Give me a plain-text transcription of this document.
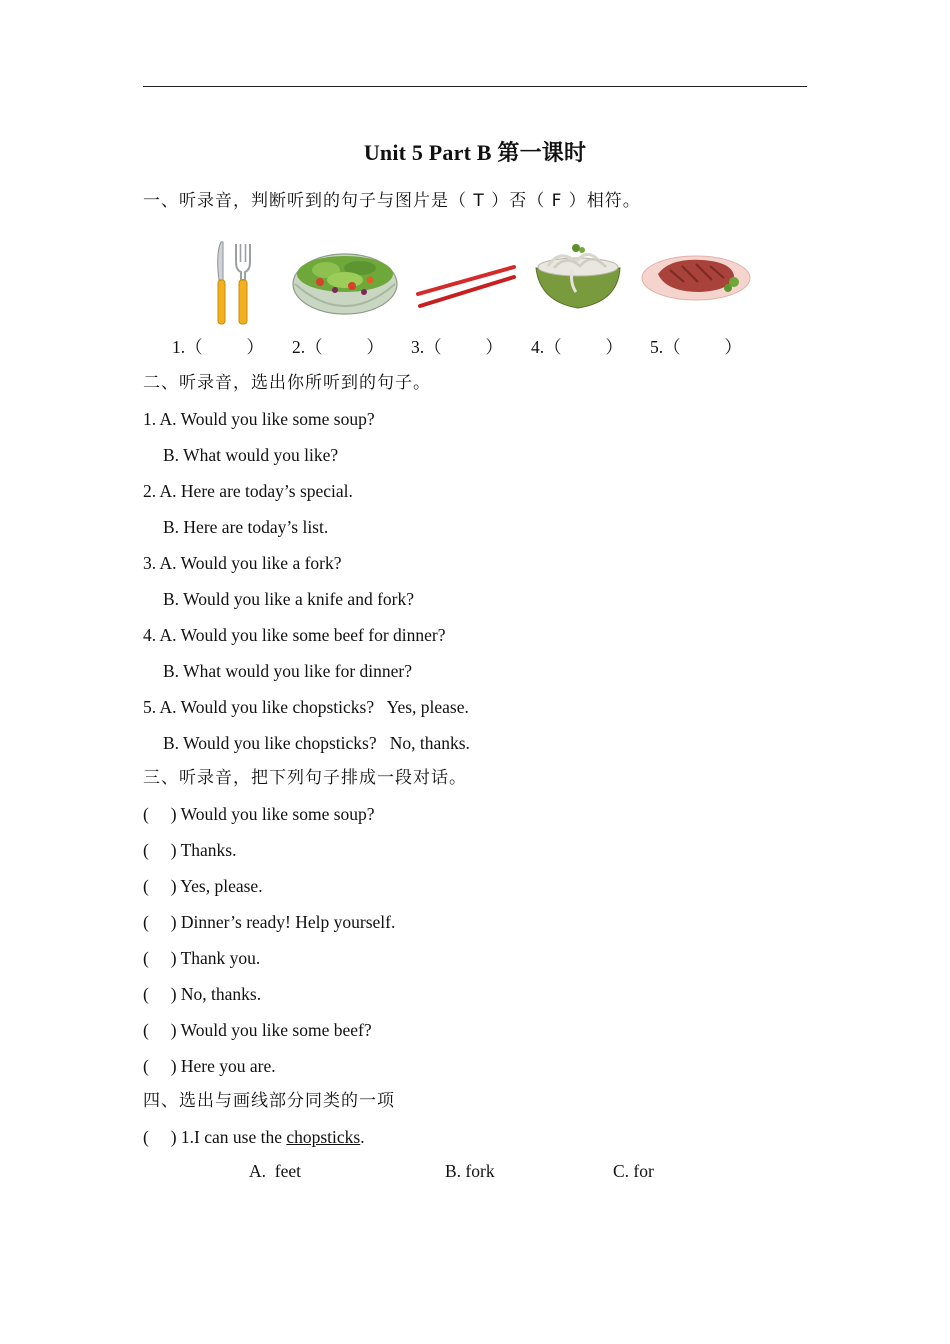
Unit 5 Part B 第一课时
一、听录音，判断听到的句子与图片是（ T ）否（ F ）相符。
1.（          ） 2.（          ） 3.（          ） 4.（          ） 5.（          ）
二、听录音，选出你所听到的句子。
1. A. Would you like some soup?
B. What would you like?
2. A. Here are today’s special.
B. Here are today’s list.
3. A. Would you like a fork?
B. Would you like a knife and fork?
4. A. Would you like some beef for dinner?
B. What would you like for dinner?
5. A. Would you like chopsticks?   Yes, please.
B. Would you like chopsticks?   No, thanks.
三、听录音，把下列句子排成一段对话。
(     ) Would you like some soup?
(     ) Thanks.
(     ) Yes, please.
(     ) Dinner’s ready! Help yourself.
(     ) Thank you.
(     ) No, thanks.
(     ) Would you like some beef?
(     ) Here you are.
四、选出与画线部分同类的一项
(     ) 1.I can use the chopsticks.
A.  feet	B. fork	C. for
